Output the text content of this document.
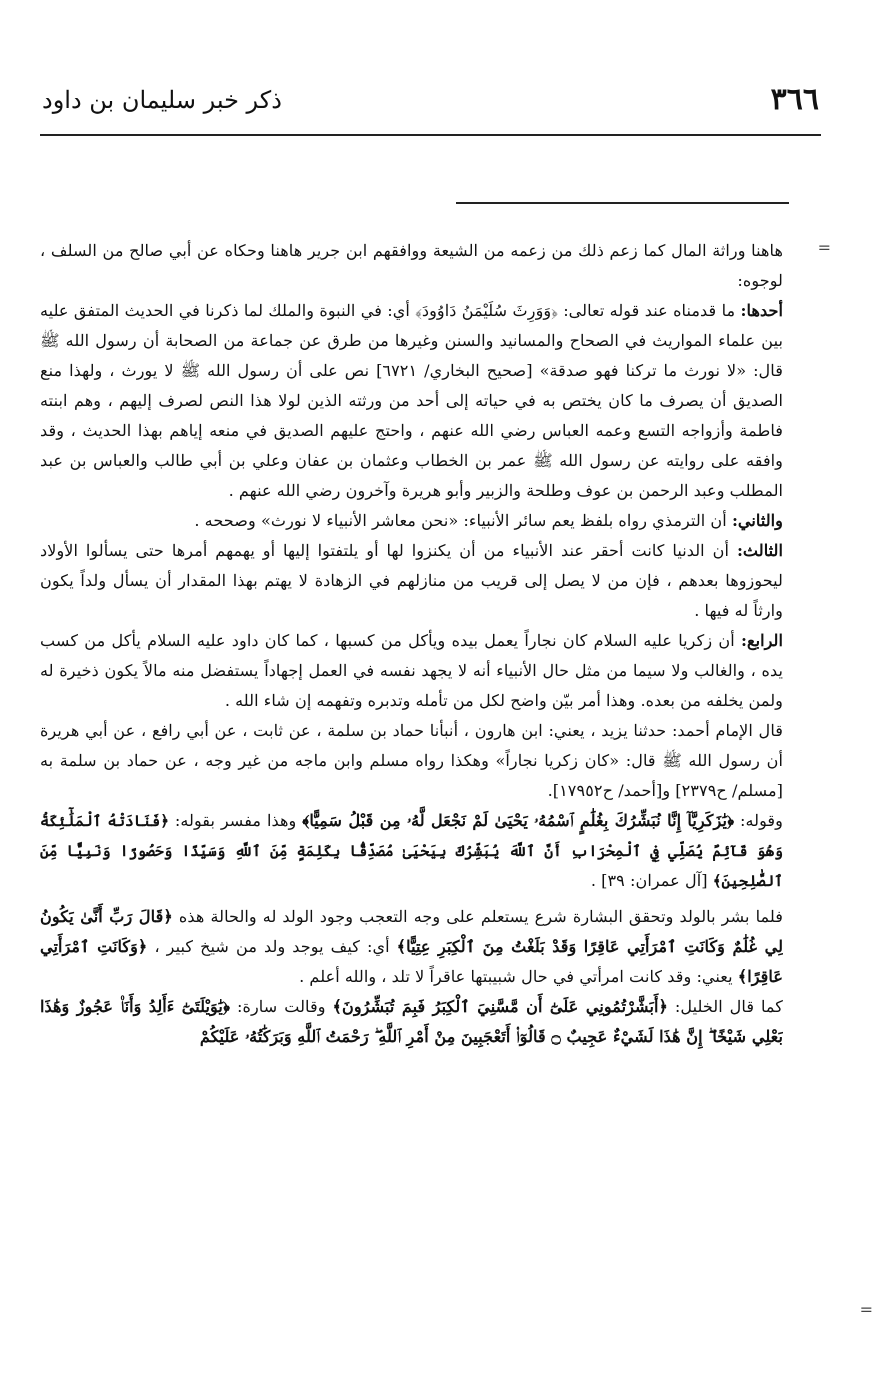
٣٦٦
ذكر خبر سليمان بن داود
=
=

هاهنا وراثة المال كما زعم ذلك من زعمه من الشيعة ووافقهم ابن جرير هاهنا وحكاه عن أبي صالح من السلف ، لوجوه:

أحدها: ما قدمناه عند قوله تعالى: ﴿وَوَرِثَ سُلَيْمَنُ دَاوُودَ﴾ أي: في النبوة والملك لما ذكرنا في الحديث المتفق عليه بين علماء المواريث في الصحاح والمسانيد والسنن وغيرها من طرق عن جماعة من الصحابة أن رسول الله ﷺ قال: «لا نورث ما تركنا فهو صدقة» [صحيح البخاري/ ٦٧٢١] نص على أن رسول الله ﷺ لا يورث ، ولهذا منع الصديق أن يصرف ما كان يختص به في حياته إلى أحد من ورثته الذين لولا هذا النص لصرف إليهم ، وهم ابنته فاطمة وأزواجه التسع وعمه العباس رضي الله عنهم ، واحتج عليهم الصديق في منعه إياهم بهذا الحديث ، وقد وافقه على روايته عن رسول الله ﷺ عمر بن الخطاب وعثمان بن عفان وعلي بن أبي طالب والعباس بن عبد المطلب وعبد الرحمن بن عوف وطلحة والزبير وأبو هريرة وآخرون رضي الله عنهم .

والثاني: أن الترمذي رواه بلفظ يعم سائر الأنبياء: «نحن معاشر الأنبياء لا نورث» وصححه .

الثالث: أن الدنيا كانت أحقر عند الأنبياء من أن يكنزوا لها أو يلتفتوا إليها أو يهمهم أمرها حتى يسألوا الأولاد ليحوزوها بعدهم ، فإن من لا يصل إلى قريب من منازلهم في الزهادة لا يهتم بهذا المقدار أن يسأل ولداً يكون وارثاً له فيها .

الرابع: أن زكريا عليه السلام كان نجاراً يعمل بيده ويأكل من كسبها ، كما كان داود عليه السلام يأكل من كسب يده ، والغالب ولا سيما من مثل حال الأنبياء أنه لا يجهد نفسه في العمل إجهاداً يستفضل منه مالاً يكون ذخيرة له ولمن يخلفه من بعده. وهذا أمر بيّن واضح لكل من تأمله وتدبره وتفهمه إن شاء الله .

قال الإمام أحمد: حدثنا يزيد ، يعني: ابن هارون ، أنبأنا حماد بن سلمة ، عن ثابت ، عن أبي رافع ، عن أبي هريرة أن رسول الله ﷺ قال: «كان زكريا نجاراً» وهكذا رواه مسلم وابن ماجه من غير وجه ، عن حماد بن سلمة به [مسلم/ ح٢٣٧٩] و[أحمد/ ح١٧٩٥٢].

وقوله: ﴿يَٰزَكَرِيَّآ إِنَّا نُبَشِّرُكَ بِغُلَٰمٍ ٱسْمُهُۥ يَحْيَىٰ لَمْ نَجْعَل لَّهُۥ مِن قَبْلُ سَمِيًّا﴾ وهذا مفسر بقوله: ﴿فَنَادَتْهُ ٱلْمَلَٰٓئِكَةُ وَهُوَ قَآئِمٌ يُصَلِّي فِي ٱلْمِحْرَابِ أَنَّ ٱللَّهَ يُبَشِّرُكَ بِيَحْيَىٰ مُصَدِّقًۢا بِكَلِمَةٍ مِّنَ ٱللَّهِ وَسَيِّدًا وَحَصُورًا وَنَبِيًّا مِّنَ ٱلصَّٰلِحِينَ﴾ [آل عمران: ٣٩] .

فلما بشر بالولد وتحقق البشارة شرع يستعلم على وجه التعجب وجود الولد له والحالة هذه ﴿قَالَ رَبِّ أَنَّىٰ يَكُونُ لِي غُلَٰمٌ وَكَانَتِ ٱمْرَأَتِي عَاقِرًا وَقَدْ بَلَغْتُ مِنَ ٱلْكِبَرِ عِتِيًّا﴾ أي: كيف يوجد ولد من شيخ كبير ، ﴿وَكَانَتِ ٱمْرَأَتِي عَاقِرًا﴾ يعني: وقد كانت امرأتي في حال شبيبتها عاقراً لا تلد ، والله أعلم .

كما قال الخليل: ﴿أَبَشَّرْتُمُونِي عَلَىٰٓ أَن مَّسَّنِيَ ٱلْكِبَرُ فَبِمَ تُبَشِّرُونَ﴾ وقالت سارة: ﴿يَٰوَيْلَتَىٰٓ ءَأَلِدُ وَأَنَا۠ عَجُوزٌ وَهَٰذَا بَعْلِي شَيْخًا ۖ إِنَّ هَٰذَا لَشَيْءٌ عَجِيبٌ ۝ قَالُوٓا۟ أَتَعْجَبِينَ مِنْ أَمْرِ ٱللَّهِ ۖ رَحْمَتُ ٱللَّهِ وَبَرَكَٰتُهُۥ عَلَيْكُمْ
